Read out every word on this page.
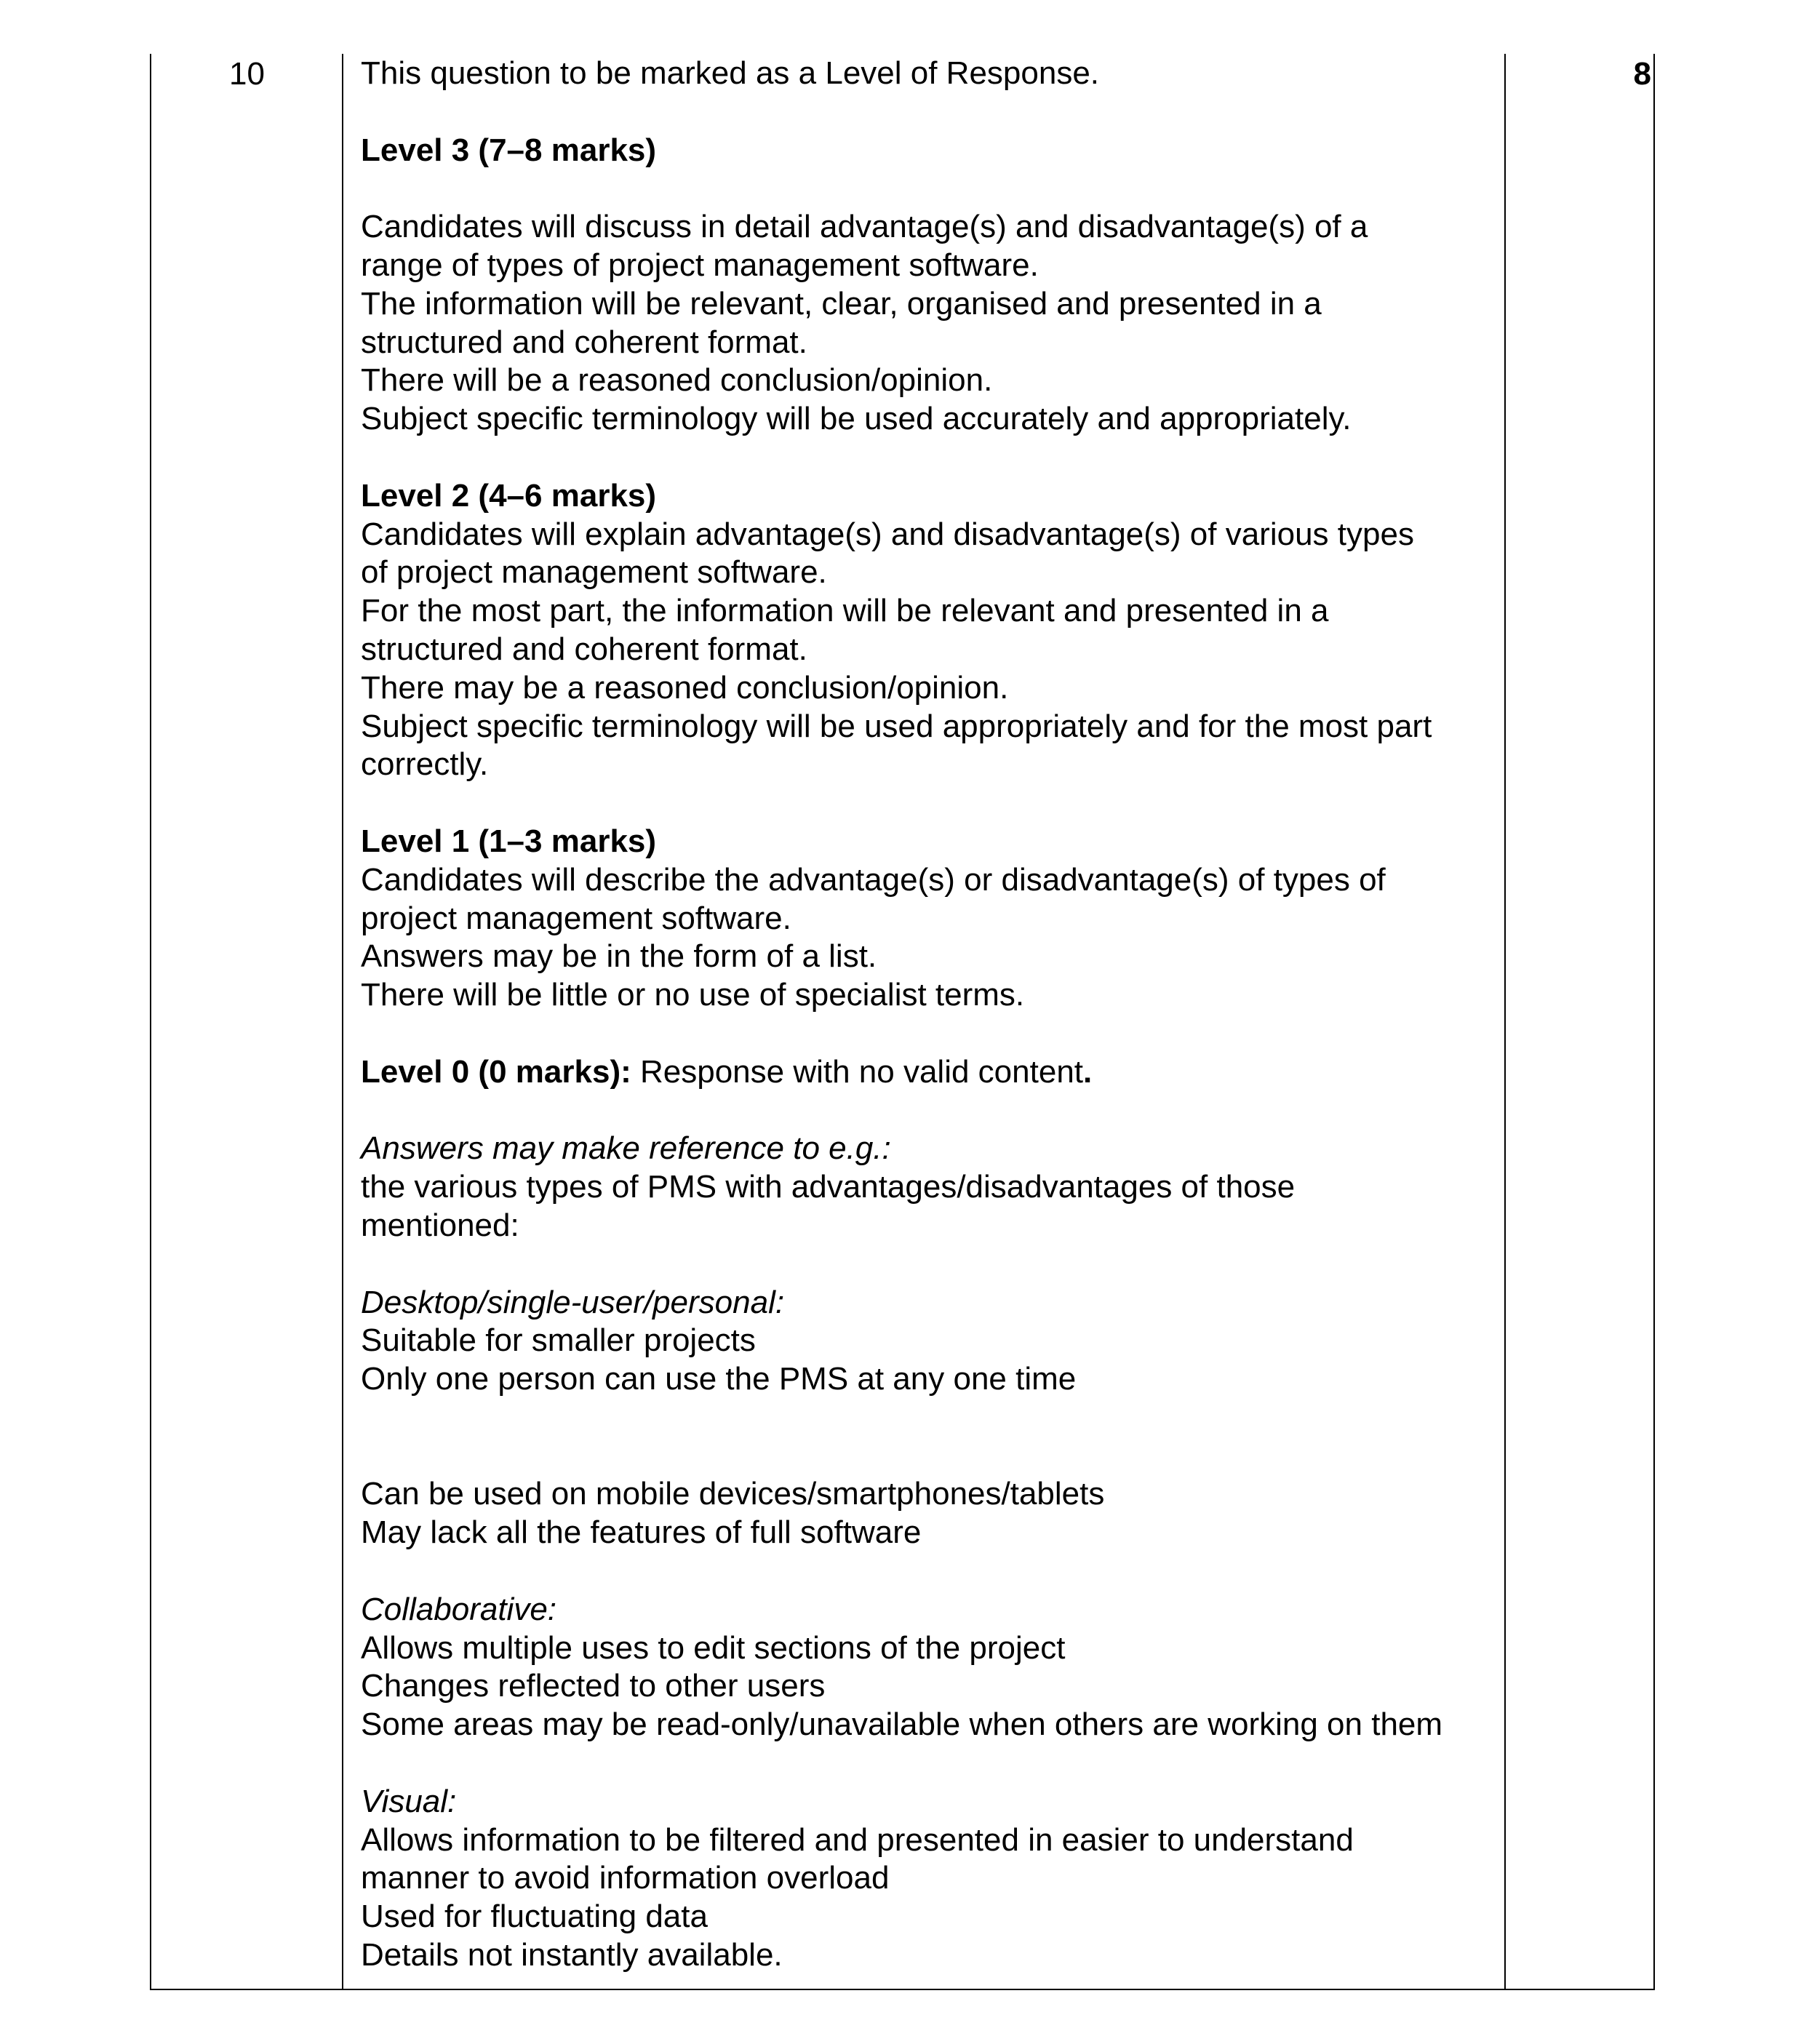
10	8
This question to be marked as a Level of Response.
Level 3 (7–8 marks)
Candidates will discuss in detail advantage(s) and disadvantage(s) of a
range of types of project management software.
The information will be relevant, clear, organised and presented in a
structured and coherent format.
There will be a reasoned conclusion/opinion.
Subject specific terminology will be used accurately and appropriately.
Level 2 (4–6 marks)
Candidates will explain advantage(s) and disadvantage(s) of various types
of project management software.
For the most part, the information will be relevant and presented in a
structured and coherent format.
There may be a reasoned conclusion/opinion.
Subject specific terminology will be used appropriately and for the most part
correctly.
Level 1 (1–3 marks)
Candidates will describe the advantage(s) or disadvantage(s) of types of
project management software.
Answers may be in the form of a list.
There will be little or no use of specialist terms.
Level 0 (0 marks): Response with no valid content.
Answers may make reference to e.g.:
the various types of PMS with advantages/disadvantages of those
mentioned:
Desktop/single-user/personal:
Suitable for smaller projects
Only one person can use the PMS at any one time
Can be used on mobile devices/smartphones/tablets
May lack all the features of full software
Collaborative:
Allows multiple uses to edit sections of the project
Changes reflected to other users
Some areas may be read-only/unavailable when others are working on them
Visual:
Allows information to be filtered and presented in easier to understand
manner to avoid information overload
Used for fluctuating data
Details not instantly available.
